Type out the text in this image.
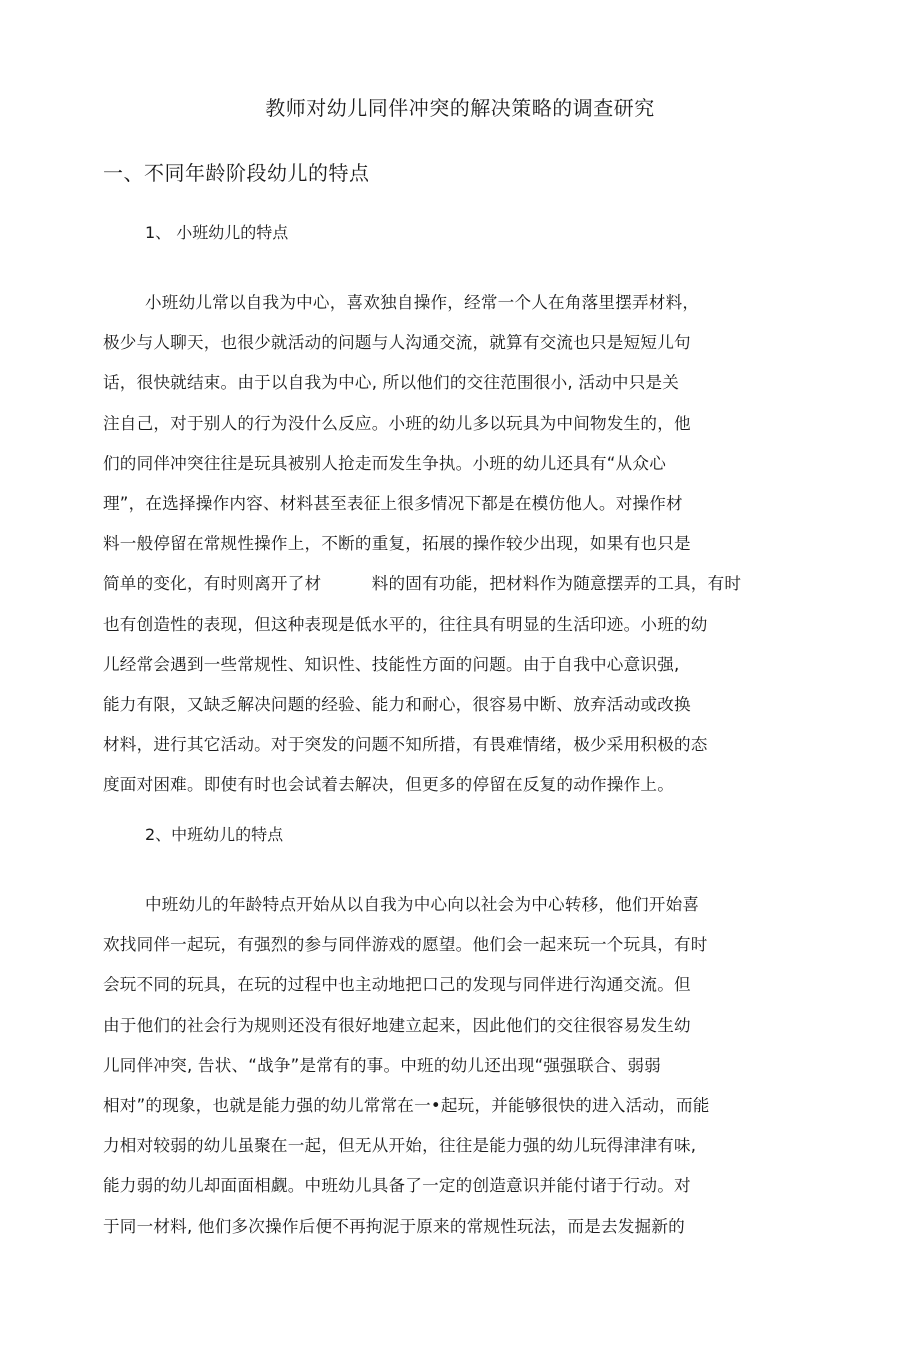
教师对幼儿同伴冲突的解决策略的调查研究
一、不同年龄阶段幼儿的特点
1、 小班幼儿的特点
小班幼儿常以自我为中心，喜欢独自操作，经常一个人在角落里摆弄材料，
极少与人聊天，也很少就活动的问题与人沟通交流，就算有交流也只是短短儿句
话，很快就结束。由于以自我为中心, 所以他们的交往范围很小, 活动中只是关
注自己，对于别人的行为没什么反应。小班的幼儿多以玩具为中间物发生的，他
们的同伴冲突往往是玩具被别人抢走而发生争执。小班的幼儿还具有“从众心
理”，在选择操作内容、材料甚至表征上很多情况下都是在模仿他人。对操作材
料一般停留在常规性操作上，不断的重复，拓展的操作较少出现，如果有也只是
简单的变化，有时则离开了材　　　料的固有功能，把材料作为随意摆弄的工具，有时
也有创造性的表现，但这种表现是低水平的，往往具有明显的生活印迹。小班的幼
儿经常会遇到一些常规性、知识性、技能性方面的问题。由于自我中心意识强,
能力有限，又缺乏解决问题的经验、能力和耐心，很容易中断、放弃活动或改换
材料，进行其它活动。对于突发的问题不知所措，有畏难情绪，极少采用积极的态
度面对困难。即使有时也会试着去解决，但更多的停留在反复的动作操作上。
2、中班幼儿的特点
中班幼儿的年龄特点开始从以自我为中心向以社会为中心转移，他们开始喜
欢找同伴一起玩，有强烈的参与同伴游戏的愿望。他们会一起来玩一个玩具，有时
会玩不同的玩具，在玩的过程中也主动地把口己的发现与同伴进行沟通交流。但
由于他们的社会行为规则还没有很好地建立起来，因此他们的交往很容易发生幼
儿同伴冲突, 告状、“战争”是常有的事。中班的幼儿还出现“强强联合、弱弱
相对”的现象，也就是能力强的幼儿常常在一•起玩，并能够很快的进入活动，而能
力相对较弱的幼儿虽聚在一起，但无从开始，往往是能力强的幼儿玩得津津有味,
能力弱的幼儿却面面相觑。中班幼儿具备了一定的创造意识并能付诸于行动。对
于同一材料, 他们多次操作后便不再拘泥于原来的常规性玩法，而是去发掘新的
